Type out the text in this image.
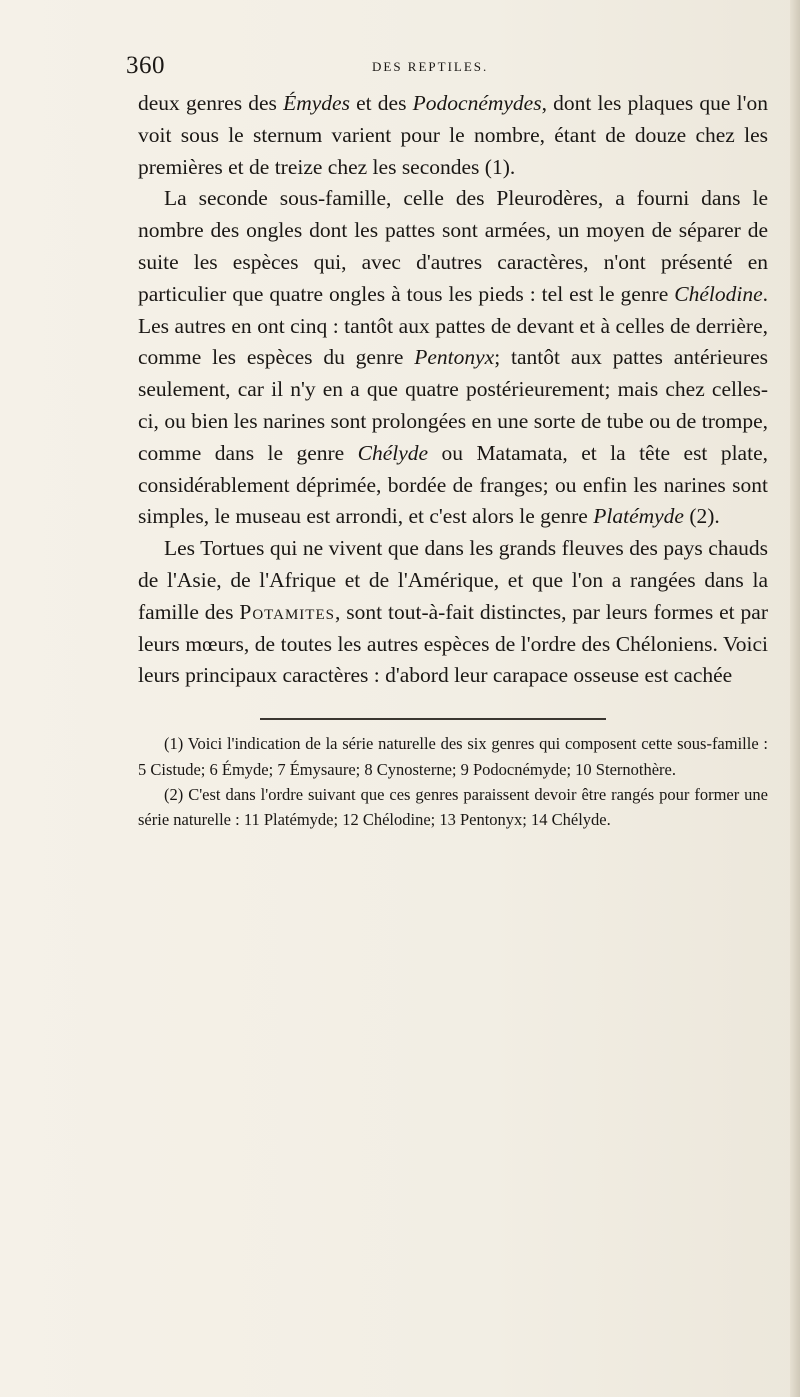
360	DES REPTILES.

deux genres des Émydes et des Podocnémydes, dont les plaques que l'on voit sous le sternum varient pour le nombre, étant de douze chez les premières et de treize chez les secondes (1).

La seconde sous-famille, celle des Pleurodères, a fourni dans le nombre des ongles dont les pattes sont armées, un moyen de séparer de suite les espèces qui, avec d'autres caractères, n'ont présenté en particulier que quatre ongles à tous les pieds : tel est le genre Chélodine. Les autres en ont cinq : tantôt aux pattes de devant et à celles de derrière, comme les espèces du genre Pentonyx; tantôt aux pattes antérieures seulement, car il n'y en a que quatre postérieurement; mais chez celles-ci, ou bien les narines sont prolongées en une sorte de tube ou de trompe, comme dans le genre Chélyde ou Matamata, et la tête est plate, considérablement déprimée, bordée de franges; ou enfin les narines sont simples, le museau est arrondi, et c'est alors le genre Platémyde (2).

Les Tortues qui ne vivent que dans les grands fleuves des pays chauds de l'Asie, de l'Afrique et de l'Amérique, et que l'on a rangées dans la famille des Potamites, sont tout-à-fait distinctes, par leurs formes et par leurs mœurs, de toutes les autres espèces de l'ordre des Chéloniens. Voici leurs principaux caractères : d'abord leur carapace osseuse est cachée

(1) Voici l'indication de la série naturelle des six genres qui composent cette sous-famille : 5 Cistude; 6 Émyde; 7 Émysaure; 8 Cynosterne; 9 Podocnémyde; 10 Sternothère.

(2) C'est dans l'ordre suivant que ces genres paraissent devoir être rangés pour former une série naturelle : 11 Platémyde; 12 Chélodine; 13 Pentonyx; 14 Chélyde.
